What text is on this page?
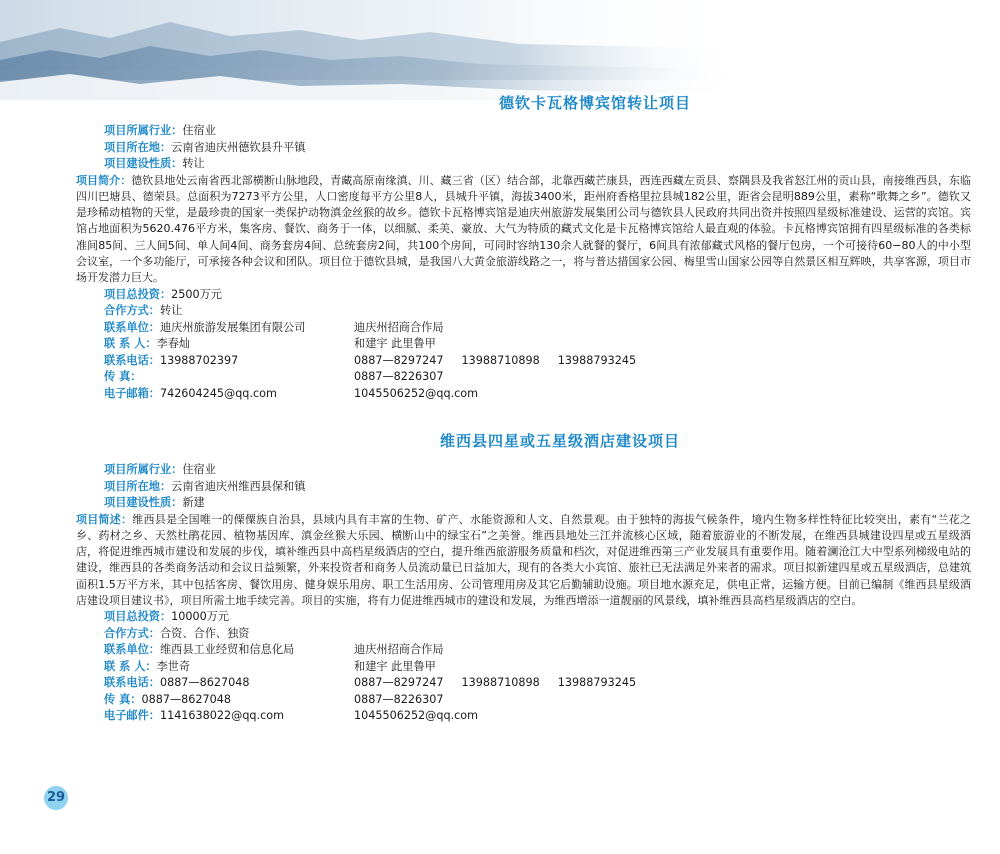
德钦卡瓦格博宾馆转让项目
项目所属行业：住宿业
项目所在地：云南省迪庆州德钦县升平镇
项目建设性质：转让
项目简介：德钦县地处云南省西北部横断山脉地段，青藏高原南缘滇、川、藏三省（区）结合部，北靠西藏芒康县，西连西藏左贡县、察隅县及我省怒江州的贡山县，南接维西县，东临四川巴塘县、德荣县。总面积为7273平方公里，人口密度每平方公里8人，县城升平镇，海拔3400米，距州府香格里拉县城182公里，距省会昆明889公里，素称“歌舞之乡”。德钦又是珍稀动植物的天堂，是最珍贵的国家一类保护动物滇金丝猴的故乡。德钦卡瓦格博宾馆是迪庆州旅游发展集团公司与德钦县人民政府共同出资并按照四星级标准建设、运营的宾馆。宾馆占地面积为5620.476平方米，集客房、餐饮、商务于一体，以细腻、柔美、豪放、大气为特质的藏式文化是卡瓦格博宾馆给人最直观的体验。卡瓦格博宾馆拥有四星级标准的各类标准间85间、三人间5间、单人间4间、商务套房4间、总统套房2间，共100个房间，可同时容纳130余人就餐的餐厅，6间具有浓郁藏式风格的餐厅包房，一个可接待60−80人的中小型会议室，一个多功能厅，可承接各种会议和团队。项目位于德钦县城，是我国八大黄金旅游线路之一，将与普达措国家公园、梅里雪山国家公园等自然景区相互辉映，共享客源，项目市场开发潜力巨大。
项目总投资：2500万元
合作方式：转让
联系单位：迪庆州旅游发展集团有限公司	迪庆州招商合作局
联 系 人：李春灿	和建宇 此里鲁甲
联系电话：13988702397	0887—8297247 13988710898 13988793245
传 真：	0887—8226307
电子邮箱：742604245@qq.com	1045506252@qq.com
维西县四星或五星级酒店建设项目
项目所属行业：住宿业
项目所在地：云南省迪庆州维西县保和镇
项目建设性质：新建
项目简述：维西县是全国唯一的傈僳族自治县，县域内具有丰富的生物、矿产、水能资源和人文、自然景观。由于独特的海拔气候条件，境内生物多样性特征比较突出，素有“兰花之乡、药材之乡、天然杜鹃花园、植物基因库、滇金丝猴大乐园、横断山中的绿宝石”之美誉。维西县地处三江并流核心区域，随着旅游业的不断发展，在维西县城建设四星或五星级酒店，将促进维西城市建设和发展的步伐，填补维西县中高档星级酒店的空白，提升维西旅游服务质量和档次，对促进维西第三产业发展具有重要作用。随着澜沧江大中型系列梯级电站的建设，维西县的各类商务活动和会议日益频繁，外来投资者和商务人员流动量已日益加大，现有的各类大小宾馆、旅社已无法满足外来者的需求。项目拟新建四星或五星级酒店，总建筑面积1.5万平方米，其中包括客房、餐饮用房、健身娱乐用房、职工生活用房、公司管理用房及其它后勤辅助设施。项目地水源充足，供电正常，运输方便。目前已编制《维西县星级酒店建设项目建议书》，项目所需土地手续完善。项目的实施，将有力促进维西城市的建设和发展，为维西增添一道靓丽的风景线，填补维西县高档星级酒店的空白。
项目总投资：10000万元
合作方式：合资、合作、独资
联系单位：维西县工业经贸和信息化局	迪庆州招商合作局
联 系 人：李世奇	和建宇 此里鲁甲
联系电话：0887—8627048	0887—8297247 13988710898 13988793245
传 真：0887—8627048	0887—8226307
电子邮件：1141638022@qq.com	1045506252@qq.com
29
